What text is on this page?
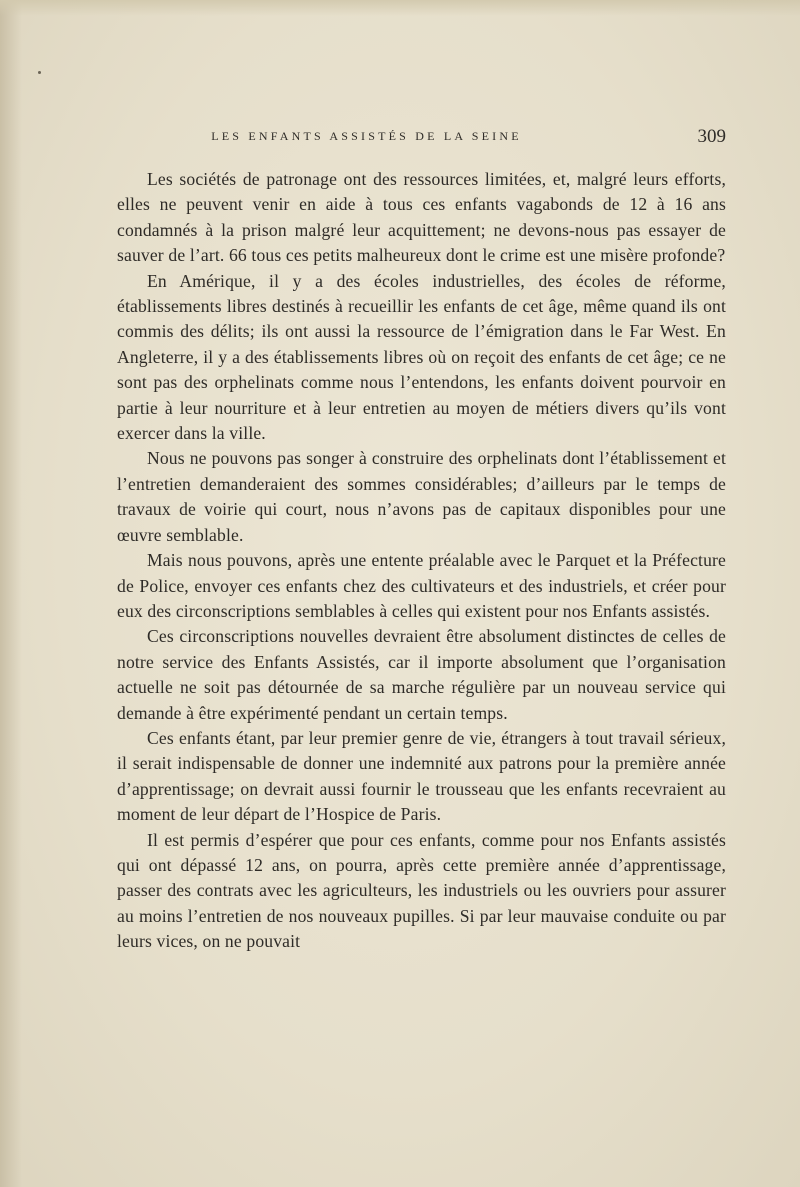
LES ENFANTS ASSISTÉS DE LA SEINE	309

Les sociétés de patronage ont des ressources limitées, et, malgré leurs efforts, elles ne peuvent venir en aide à tous ces enfants vagabonds de 12 à 16 ans condamnés à la prison malgré leur acquittement; ne devons-nous pas essayer de sauver de l’art. 66 tous ces petits malheureux dont le crime est une misère profonde?

En Amérique, il y a des écoles industrielles, des écoles de réforme, établissements libres destinés à recueillir les enfants de cet âge, même quand ils ont commis des délits; ils ont aussi la ressource de l’émigration dans le Far West. En Angleterre, il y a des établissements libres où on reçoit des enfants de cet âge; ce ne sont pas des orphelinats comme nous l’entendons, les enfants doivent pourvoir en partie à leur nourriture et à leur entretien au moyen de métiers divers qu’ils vont exercer dans la ville.

Nous ne pouvons pas songer à construire des orphelinats dont l’établissement et l’entretien demanderaient des sommes considérables; d’ailleurs par le temps de travaux de voirie qui court, nous n’avons pas de capitaux disponibles pour une œuvre semblable.

Mais nous pouvons, après une entente préalable avec le Parquet et la Préfecture de Police, envoyer ces enfants chez des cultivateurs et des industriels, et créer pour eux des circonscriptions semblables à celles qui existent pour nos Enfants assistés.

Ces circonscriptions nouvelles devraient être absolument distinctes de celles de notre service des Enfants Assistés, car il importe absolument que l’organisation actuelle ne soit pas détournée de sa marche régulière par un nouveau service qui demande à être expérimenté pendant un certain temps.

Ces enfants étant, par leur premier genre de vie, étrangers à tout travail sérieux, il serait indispensable de donner une indemnité aux patrons pour la première année d’apprentissage; on devrait aussi fournir le trousseau que les enfants recevraient au moment de leur départ de l’Hospice de Paris.

Il est permis d’espérer que pour ces enfants, comme pour nos Enfants assistés qui ont dépassé 12 ans, on pourra, après cette première année d’apprentissage, passer des contrats avec les agriculteurs, les industriels ou les ouvriers pour assurer au moins l’entretien de nos nouveaux pupilles. Si par leur mauvaise conduite ou par leurs vices, on ne pouvait
